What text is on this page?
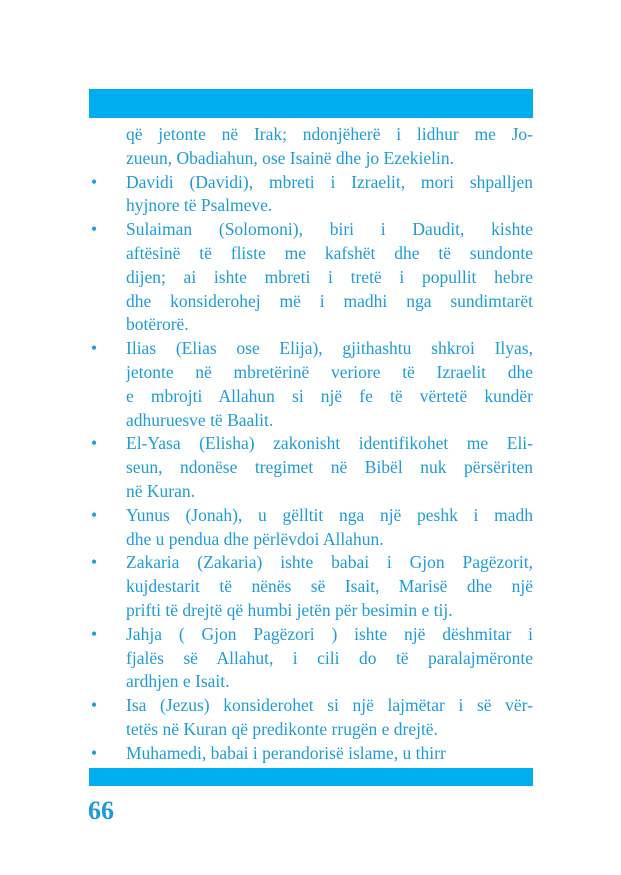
që jetonte në Irak; ndonjëherë i lidhur me Jo-
zueun, Obadiahun, ose Isainë dhe jo Ezekielin.
•	Davidi (Davidi), mbreti i Izraelit, mori shpalljen
hyjnore të Psalmeve.
•	Sulaiman (Solomoni), biri i Daudit, kishte
aftësinë të fliste me kafshët dhe të sundonte
dijen; ai ishte mbreti i tretë i popullit hebre
dhe konsiderohej më i madhi nga sundimtarët
botërorë.
•	Ilias (Elias ose Elija), gjithashtu shkroi Ilyas,
jetonte në mbretërinë veriore të Izraelit dhe
e mbrojti Allahun si një fe të vërtetë kundër
adhuruesve të Baalit.
•	El-Yasa (Elisha) zakonisht identifikohet me Eli-
seun, ndonëse tregimet në Bibël nuk përsëriten
në Kuran.
•	Yunus (Jonah), u gëlltit nga një peshk i madh
dhe u pendua dhe përlëvdoi Allahun.
•	Zakaria (Zakaria) ishte babai i Gjon Pagëzorit,
kujdestarit të nënës së Isait, Marisë dhe një
prifti të drejtë që humbi jetën për besimin e tij.
•	Jahja ( Gjon Pagëzori ) ishte një dëshmitar i
fjalës së Allahut, i cili do të paralajmëronte
ardhjen e Isait.
•	Isa (Jezus) konsiderohet si një lajmëtar i së vër-
tetës në Kuran që predikonte rrugën e drejtë.
•	Muhamedi, babai i perandorisë islame, u thirr
66
